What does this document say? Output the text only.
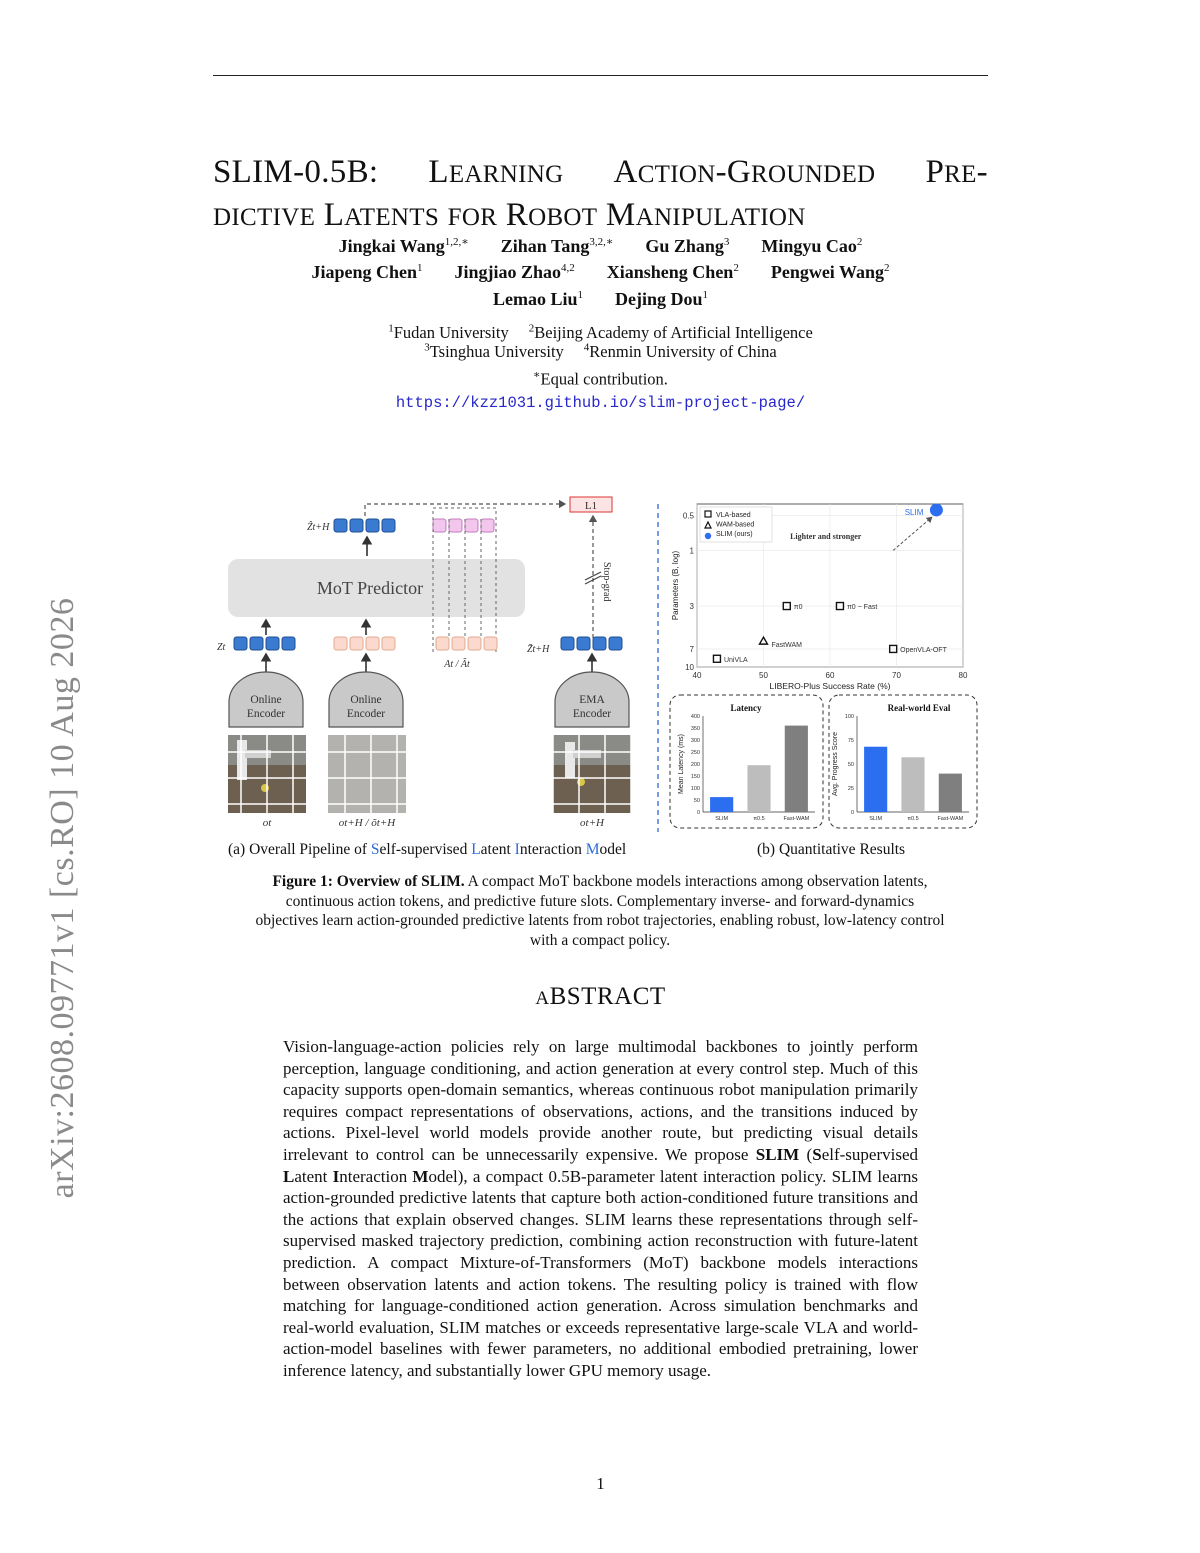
arXiv:2608.09771v1 [cs.RO] 10 Aug 2026
SLIM-0.5B: LEARNING ACTION-GROUNDED PRE-
DICTIVE LATENTS FOR ROBOT MANIPULATION
Jingkai Wang$^{1,2,∗}$ Zihan Tang$^{3,2,∗}$ Gu Zhang$^3$ Mingyu Cao$^2$
Jiapeng Chen$^1$ Jingjiao Zhao$^{4,2}$ Xiansheng Chen$^2$ Pengwei Wang$^2$
Lemao Liu$^1$ Dejing Dou$^1$
$^1$Fudan University $^2$Beijing Academy of Artificial Intelligence
$^3$Tsinghua University $^4$Renmin University of China
∗Equal contribution.
https://kzz1031.github.io/slim-project-page/
MoT Predictor
Ẑt+H
L1
Stop-grad
Zt
At / Ãt
Z̄t+H
Online Encoder
Online Encoder
EMA Encoder
ot	ot+H / õt+H	ot+H
40	50	60	70	80
0.5
1
3
7
10
LIBERO-Plus Success Rate (%)
Parameters (B, log)
VLA-based
WAM-based
SLIM (ours)	Lighter and stronger
SLIM
π0	π0 − Fast
FastWAM
UniVLA
OpenVLA-OFT
Latency
0
50
100
150
200
250
300
350
400
Mean Latency (ms)
SLIM	π0.5	Fast-WAM
Real-world Eval
0
25
50
75
100
Avg. Progress Score
SLIM	π0.5	Fast-WAM
(a) Overall Pipeline of Self-supervised Latent Interaction Model	(b) Quantitative Results
Figure 1: Overview of SLIM. A compact MoT backbone models interactions among observation latents, continuous action tokens, and predictive future slots. Complementary inverse- and forward-dynamics objectives learn action-grounded predictive latents from robot trajectories, enabling robust, low-latency control with a compact policy.
ABSTRACT
Vision-language-action policies rely on large multimodal backbones to jointly perform perception, language conditioning, and action generation at every control step. Much of this capacity supports open-domain semantics, whereas continuous robot manipulation primarily requires compact representations of observations, actions, and the transitions induced by actions. Pixel-level world models provide another route, but predicting visual details irrelevant to control can be unnecessarily expensive. We propose SLIM (Self-supervised Latent Interaction Model), a compact 0.5B-parameter latent interaction policy. SLIM learns action-grounded predictive latents that capture both action-conditioned future transitions and the actions that explain observed changes. SLIM learns these representations through self-supervised masked trajectory prediction, combining action reconstruction with future-latent prediction. A compact Mixture-of-Transformers (MoT) backbone models interactions between observation latents and action tokens. The resulting policy is trained with flow matching for language-conditioned action generation. Across simulation benchmarks and real-world evaluation, SLIM matches or exceeds representative large-scale VLA and world-action-model baselines with fewer parameters, no additional embodied pretraining, lower inference latency, and substantially lower GPU memory usage.
1
